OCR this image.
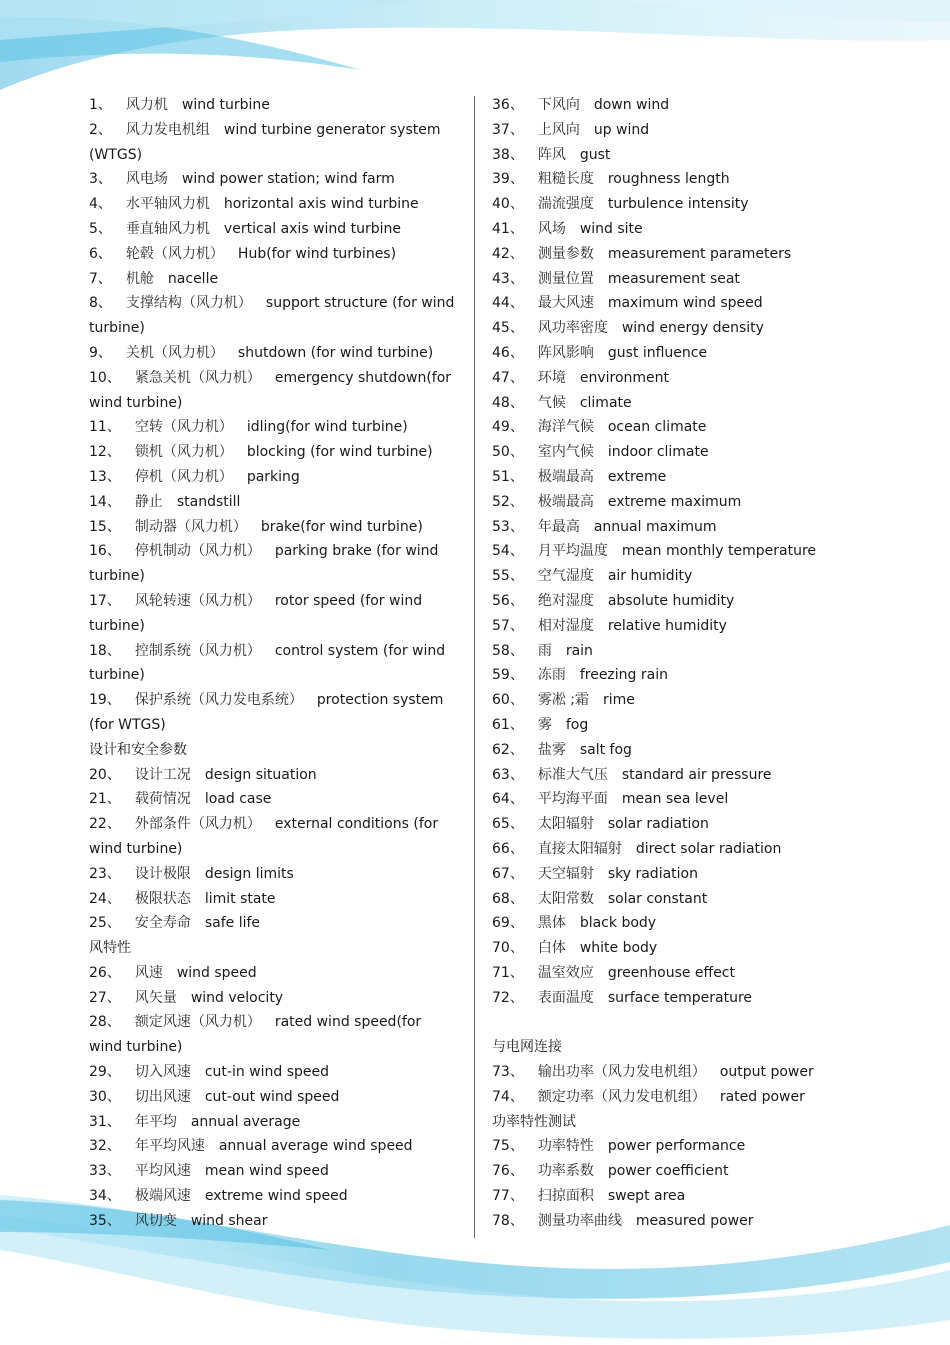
1、 风力机 wind turbine
2、 风力发电机组 wind turbine generator system
(WTGS)
3、 风电场 wind power station; wind farm
4、 水平轴风力机 horizontal axis wind turbine
5、 垂直轴风力机 vertical axis wind turbine
6、 轮毂（风力机） Hub(for wind turbines)
7、 机舱 nacelle
8、 支撑结构（风力机） support structure (for wind
turbine)
9、 关机（风力机） shutdown (for wind turbine)
10、 紧急关机（风力机） emergency shutdown(for
wind turbine)
11、 空转（风力机） idling(for wind turbine)
12、 锁机（风力机） blocking (for wind turbine)
13、 停机（风力机） parking
14、 静止 standstill
15、 制动器（风力机） brake(for wind turbine)
16、 停机制动（风力机） parking brake (for wind
turbine)
17、 风轮转速（风力机） rotor speed (for wind
turbine)
18、 控制系统（风力机） control system (for wind
turbine)
19、 保护系统（风力发电系统） protection system
(for WTGS)
设计和安全参数
20、 设计工况 design situation
21、 载荷情况 load case
22、 外部条件（风力机） external conditions (for
wind turbine)
23、 设计极限 design limits
24、 极限状态 limit state
25、 安全寿命 safe life
风特性
26、 风速 wind speed
27、 风矢量 wind velocity
28、 额定风速（风力机） rated wind speed(for
wind turbine)
29、 切入风速 cut-in wind speed
30、 切出风速 cut-out wind speed
31、 年平均 annual average
32、 年平均风速 annual average wind speed
33、 平均风速 mean wind speed
34、 极端风速 extreme wind speed
35、 风切变 wind shear
36、 下风向 down wind
37、 上风向 up wind
38、 阵风 gust
39、 粗糙长度 roughness length
40、 湍流强度 turbulence intensity
41、 风场 wind site
42、 测量参数 measurement parameters
43、 测量位置 measurement seat
44、 最大风速 maximum wind speed
45、 风功率密度 wind energy density
46、 阵风影响 gust influence
47、 环境 environment
48、 气候 climate
49、 海洋气候 ocean climate
50、 室内气候 indoor climate
51、 极端最高 extreme
52、 极端最高 extreme maximum
53、 年最高 annual maximum
54、 月平均温度 mean monthly temperature
55、 空气湿度 air humidity
56、 绝对湿度 absolute humidity
57、 相对湿度 relative humidity
58、 雨 rain
59、 冻雨 freezing rain
60、 雾凇 ;霜 rime
61、 雾 fog
62、 盐雾 salt fog
63、 标准大气压 standard air pressure
64、 平均海平面 mean sea level
65、 太阳辐射 solar radiation
66、 直接太阳辐射 direct solar radiation
67、 天空辐射 sky radiation
68、 太阳常数 solar constant
69、 黑体 black body
70、 白体 white body
71、 温室效应 greenhouse effect
72、 表面温度 surface temperature
与电网连接
73、 输出功率（风力发电机组） output power
74、 额定功率（风力发电机组） rated power
功率特性测试
75、 功率特性 power performance
76、 功率系数 power coefficient
77、 扫掠面积 swept area
78、 测量功率曲线 measured power
